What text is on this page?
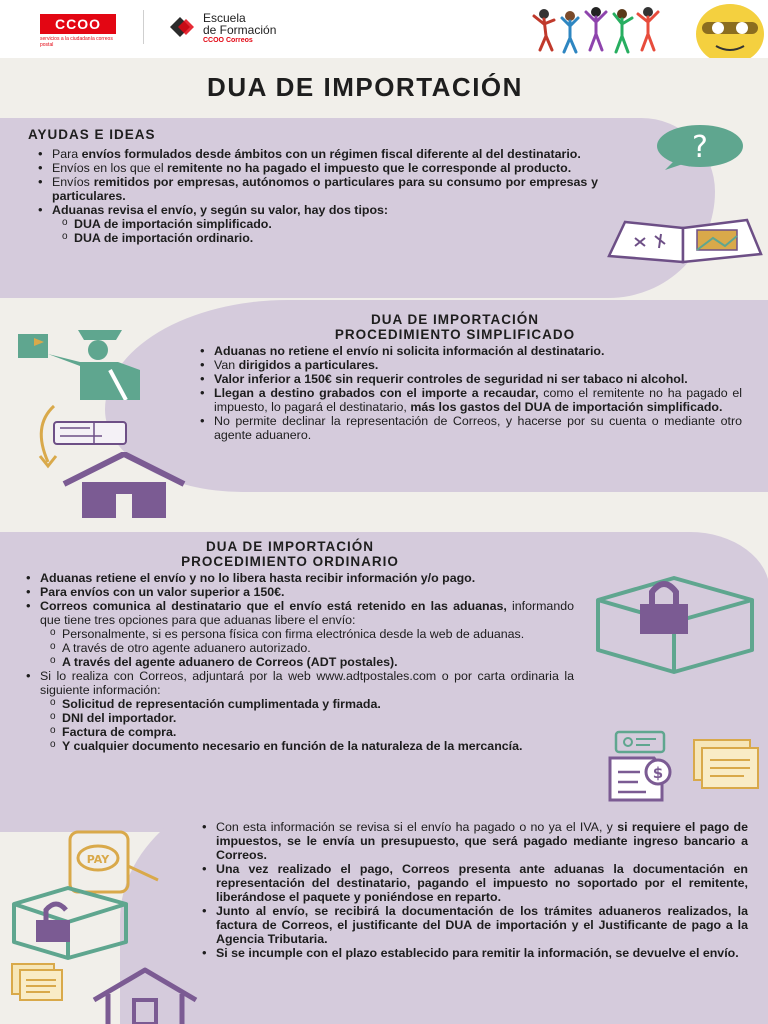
CCOO
servicios a la ciudadanía correos postal
Escuela
de Formación
CCOO Correos
DUA DE IMPORTACIÓN
AYUDAS E IDEAS
• Para envíos formulados desde ámbitos con un régimen fiscal diferente al del destinatario.
• Envíos en los que el remitente no ha pagado el impuesto que le corresponde al producto.
• Envíos remitidos por empresas, autónomos o particulares para su consumo por empresas y particulares.
• Aduanas revisa el envío, y según su valor, hay dos tipos:
o DUA de importación simplificado.
o DUA de importación ordinario.
?
DUA DE IMPORTACIÓN
PROCEDIMIENTO SIMPLIFICADO
• Aduanas no retiene el envío ni solicita información al destinatario.
• Van dirigidos a particulares.
• Valor inferior a 150€ sin requerir controles de seguridad ni ser tabaco ni alcohol.
• Llegan a destino grabados con el importe a recaudar, como el remitente no ha pagado el impuesto, lo pagará el destinatario, más los gastos del DUA de importación simplificado.
• No permite declinar la representación de Correos, y hacerse por su cuenta o mediante otro agente aduanero.
DUA DE IMPORTACIÓN
PROCEDIMIENTO ORDINARIO
• Aduanas retiene el envío y no lo libera hasta recibir información y/o pago.
• Para envíos con un valor superior a 150€.
• Correos comunica al destinatario que el envío está retenido en las aduanas, informando que tiene tres opciones para que aduanas libere el envío:
o Personalmente, si es persona física con firma electrónica desde la web de aduanas.
o A través de otro agente aduanero autorizado.
o A través del agente aduanero de Correos (ADT postales).
• Si lo realiza con Correos, adjuntará por la web www.adtpostales.com o por carta ordinaria la siguiente información:
o Solicitud de representación cumplimentada y firmada.
o DNI del importador.
o Factura de compra.
o Y cualquier documento necesario en función de la naturaleza de la mercancía.
• Con esta información se revisa si el envío ha pagado o no ya el IVA, y si requiere el pago de impuestos, se le envía un presupuesto, que será pagado mediante ingreso bancario a Correos.
• Una vez realizado el pago, Correos presenta ante aduanas la documentación en representación del destinatario, pagando el impuesto no soportado por el remitente, liberándose el paquete y poniéndose en reparto.
• Junto al envío, se recibirá la documentación de los trámites aduaneros realizados, la factura de Correos, el justificante del DUA de importación y el Justificante de pago a la Agencia Tributaria.
• Si se incumple con el plazo establecido para remitir la información, se devuelve el envío.
$
PAY
